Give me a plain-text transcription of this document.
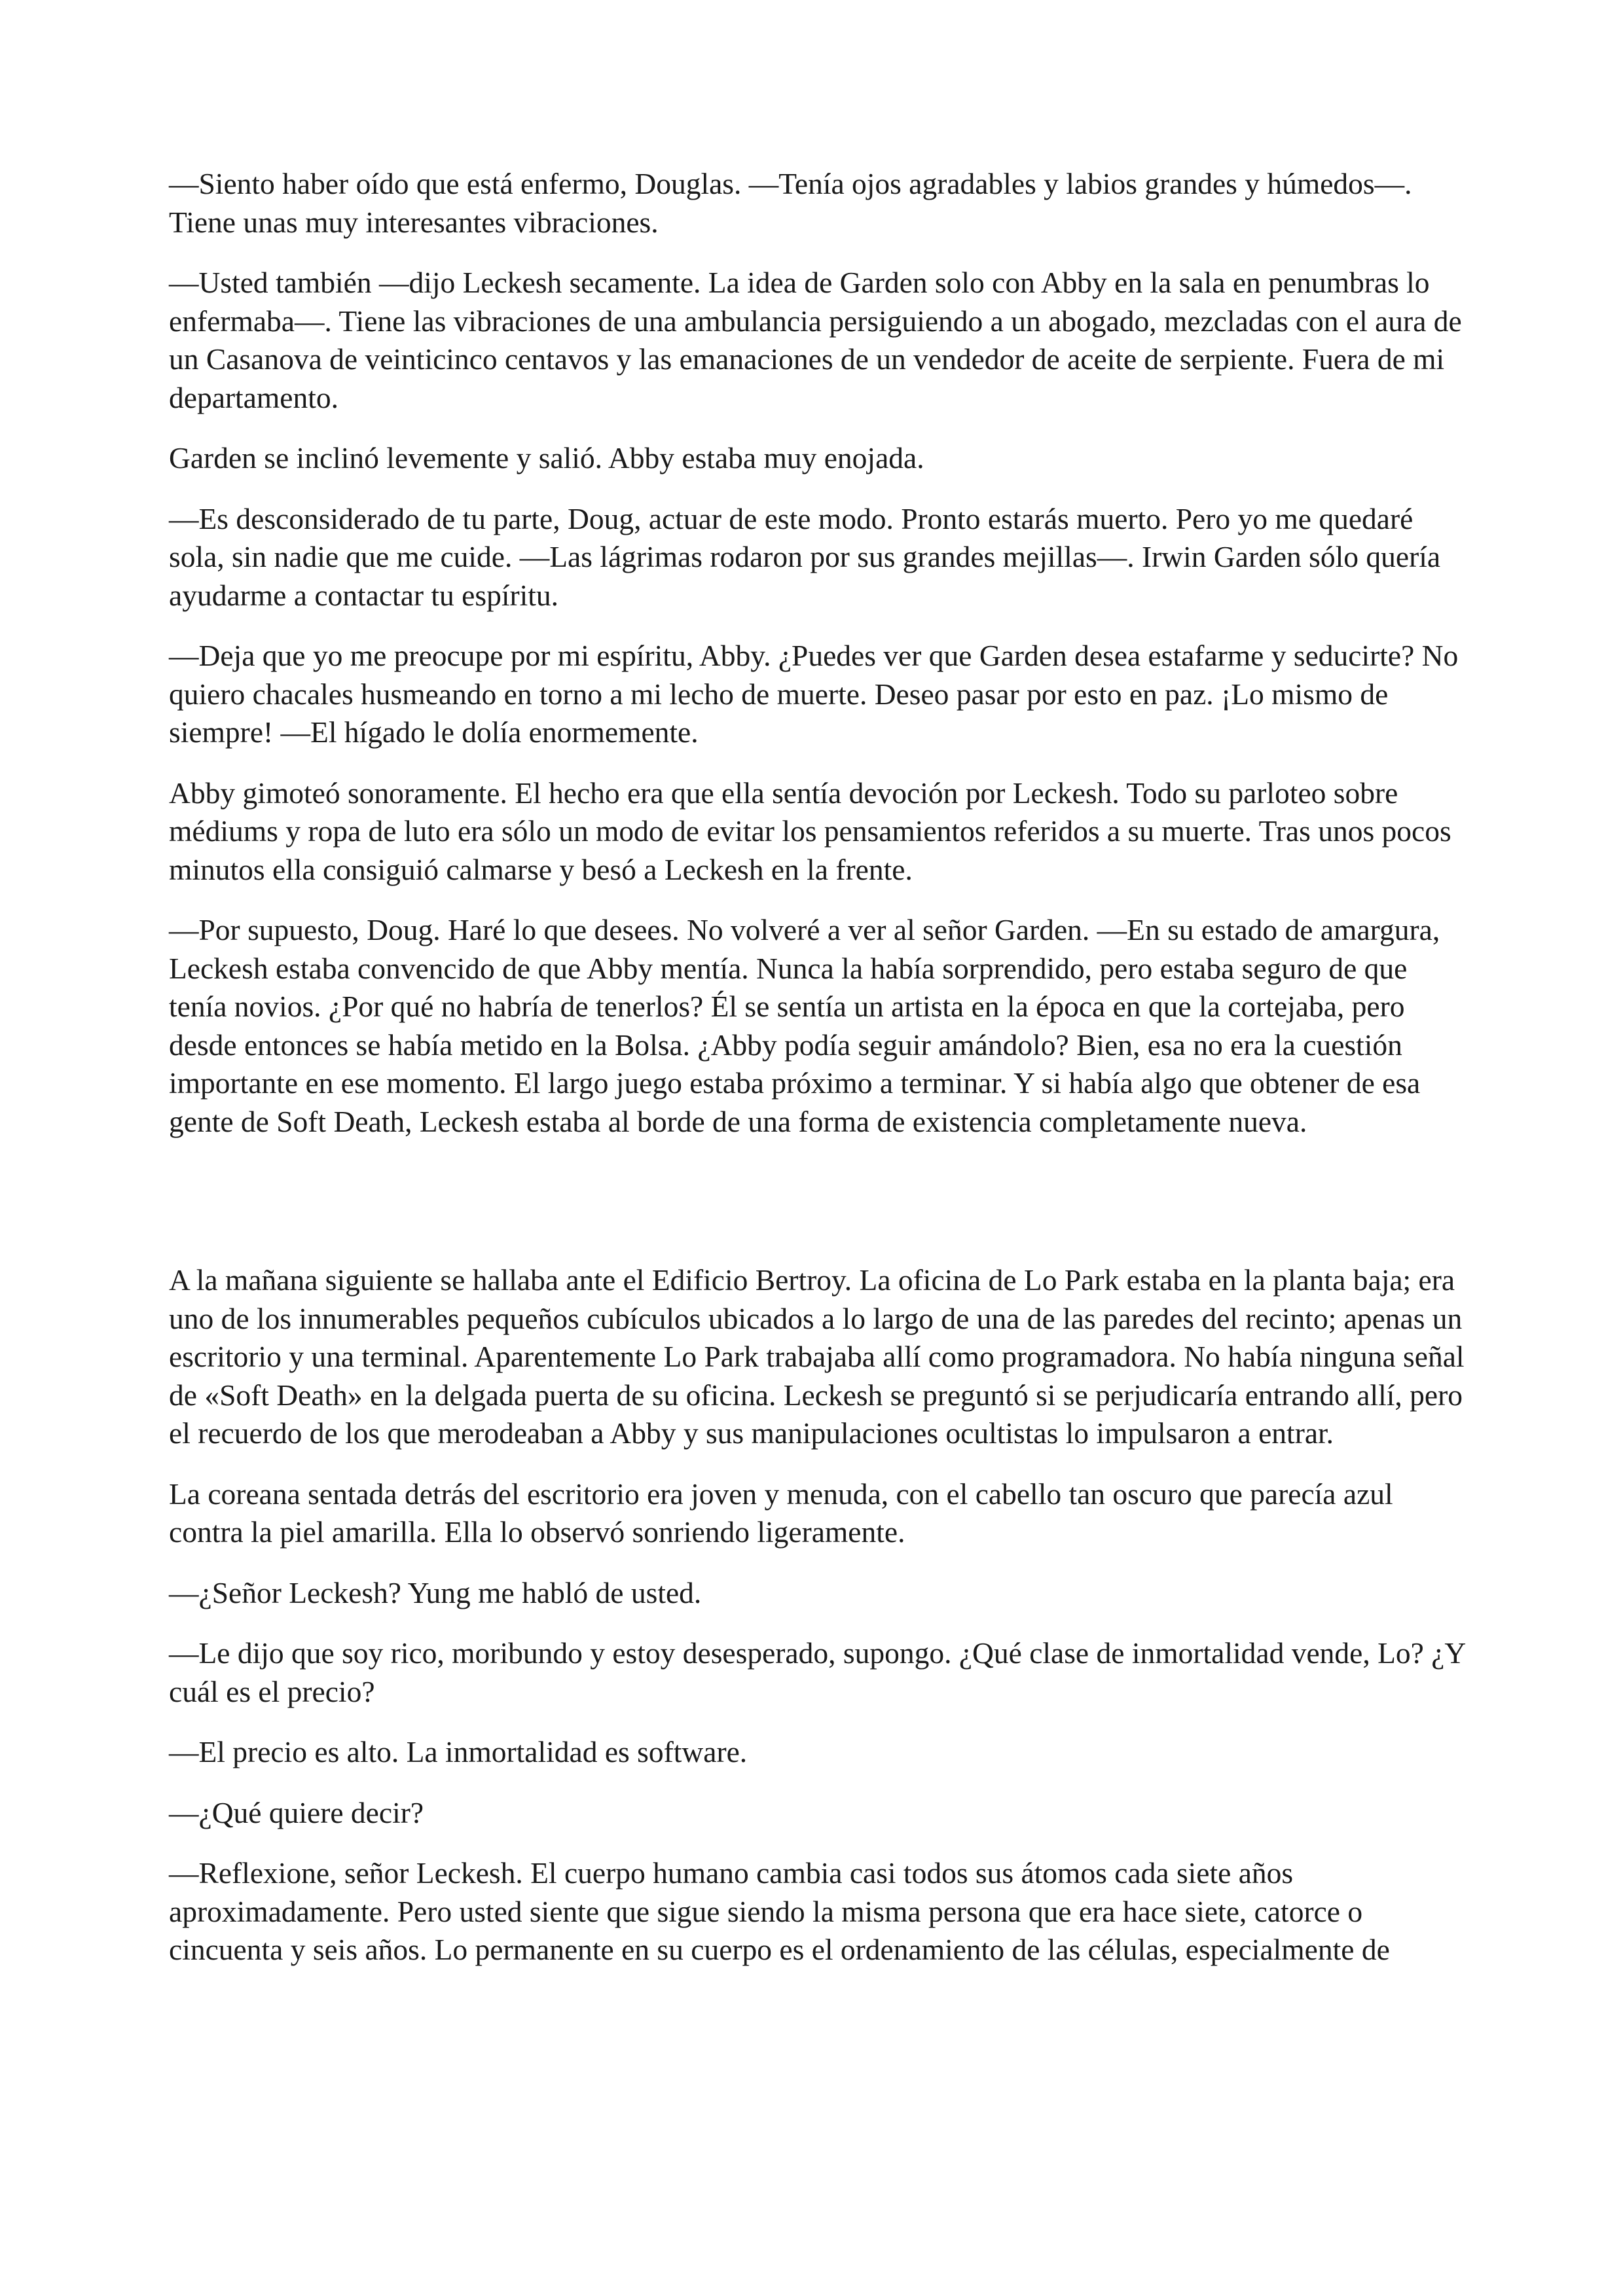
—Siento haber oído que está enfermo, Douglas. —Tenía ojos agradables y labios grandes y húmedos—. Tiene unas muy interesantes vibraciones.

—Usted también —dijo Leckesh secamente. La idea de Garden solo con Abby en la sala en penumbras lo enfermaba—. Tiene las vibraciones de una ambulancia persiguiendo a un abogado, mezcladas con el aura de un Casanova de veinticinco centavos y las emanaciones de un vendedor de aceite de serpiente. Fuera de mi departamento.

Garden se inclinó levemente y salió. Abby estaba muy enojada.

—Es desconsiderado de tu parte, Doug, actuar de este modo. Pronto estarás muerto. Pero yo me quedaré sola, sin nadie que me cuide. —Las lágrimas rodaron por sus grandes mejillas—. Irwin Garden sólo quería ayudarme a contactar tu espíritu.

—Deja que yo me preocupe por mi espíritu, Abby. ¿Puedes ver que Garden desea estafarme y seducirte? No quiero chacales husmeando en torno a mi lecho de muerte. Deseo pasar por esto en paz. ¡Lo mismo de siempre! —El hígado le dolía enormemente.

Abby gimoteó sonoramente. El hecho era que ella sentía devoción por Leckesh. Todo su parloteo sobre médiums y ropa de luto era sólo un modo de evitar los pensamientos referidos a su muerte. Tras unos pocos minutos ella consiguió calmarse y besó a Leckesh en la frente.

—Por supuesto, Doug. Haré lo que desees. No volveré a ver al señor Garden. —En su estado de amargura, Leckesh estaba convencido de que Abby mentía. Nunca la había sorprendido, pero estaba seguro de que tenía novios. ¿Por qué no habría de tenerlos? Él se sentía un artista en la época en que la cortejaba, pero desde entonces se había metido en la Bolsa. ¿Abby podía seguir amándolo? Bien, esa no era la cuestión importante en ese momento. El largo juego estaba próximo a terminar. Y si había algo que obtener de esa gente de Soft Death, Leckesh estaba al borde de una forma de existencia completamente nueva.

A la mañana siguiente se hallaba ante el Edificio Bertroy. La oficina de Lo Park estaba en la planta baja; era uno de los innumerables pequeños cubículos ubicados a lo largo de una de las paredes del recinto; apenas un escritorio y una terminal. Aparentemente Lo Park trabajaba allí como programadora. No había ninguna señal de «Soft Death» en la delgada puerta de su oficina. Leckesh se preguntó si se perjudicaría entrando allí, pero el recuerdo de los que merodeaban a Abby y sus manipulaciones ocultistas lo impulsaron a entrar.

La coreana sentada detrás del escritorio era joven y menuda, con el cabello tan oscuro que parecía azul contra la piel amarilla. Ella lo observó sonriendo ligeramente.

—¿Señor Leckesh? Yung me habló de usted.

—Le dijo que soy rico, moribundo y estoy desesperado, supongo. ¿Qué clase de inmortalidad vende, Lo? ¿Y cuál es el precio?

—El precio es alto. La inmortalidad es software.

—¿Qué quiere decir?

—Reflexione, señor Leckesh. El cuerpo humano cambia casi todos sus átomos cada siete años aproximadamente. Pero usted siente que sigue siendo la misma persona que era hace siete, catorce o cincuenta y seis años. Lo permanente en su cuerpo es el ordenamiento de las células, especialmente de
